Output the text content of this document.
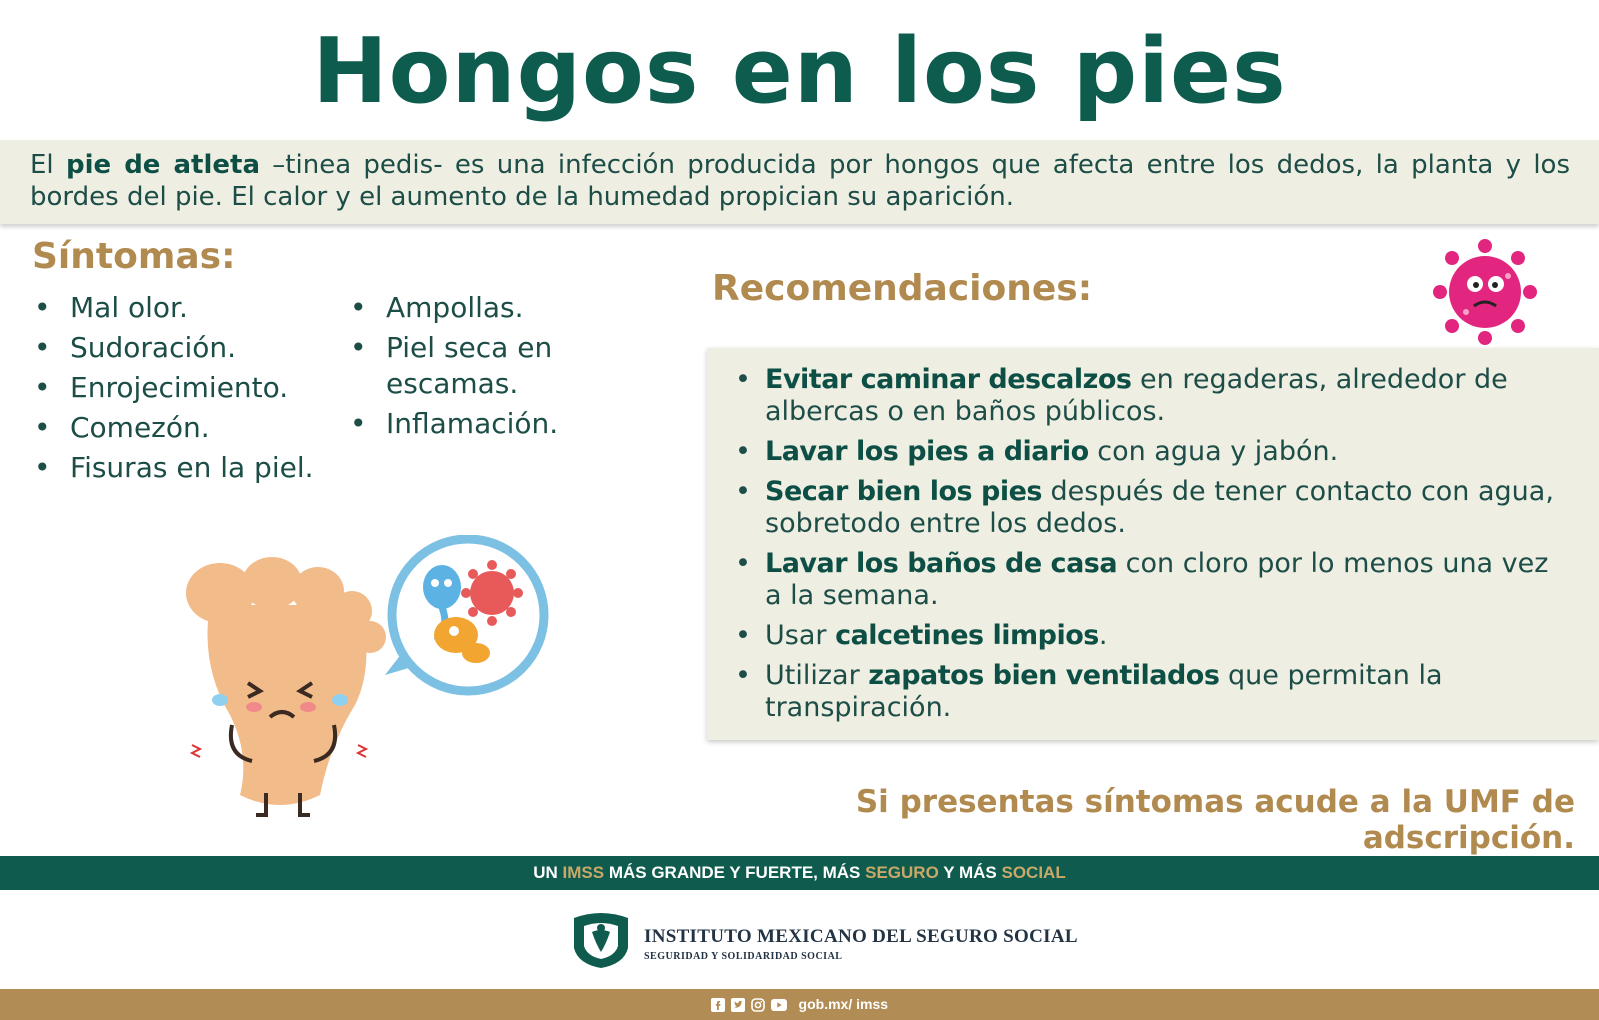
Hongos en los pies

El pie de atleta –tinea pedis- es una infección producida por hongos que afecta entre los dedos, la planta y los bordes del pie. El calor y el aumento de la humedad propician su aparición.

Síntomas:
• Mal olor.
• Sudoración.
• Enrojecimiento.
• Comezón.
• Fisuras en la piel.
• Ampollas.
• Piel seca en escamas.
• Inflamación.
Recomendaciones:
• Evitar caminar descalzos en regaderas, alrededor de albercas o en baños públicos.
• Lavar los pies a diario con agua y jabón.
• Secar bien los pies después de tener contacto con agua, sobretodo entre los dedos.
• Lavar los baños de casa con cloro por lo menos una vez a la semana.
• Usar calcetines limpios.
• Utilizar zapatos bien ventilados que permitan la transpiración.
Si presentas síntomas acude a la UMF de adscripción.
UN IMSS MÁS GRANDE Y FUERTE, MÁS SEGURO Y MÁS SOCIAL
INSTITUTO MEXICANO DEL SEGURO SOCIAL
SEGURIDAD Y SOLIDARIDAD SOCIAL
gob.mx/ imss
